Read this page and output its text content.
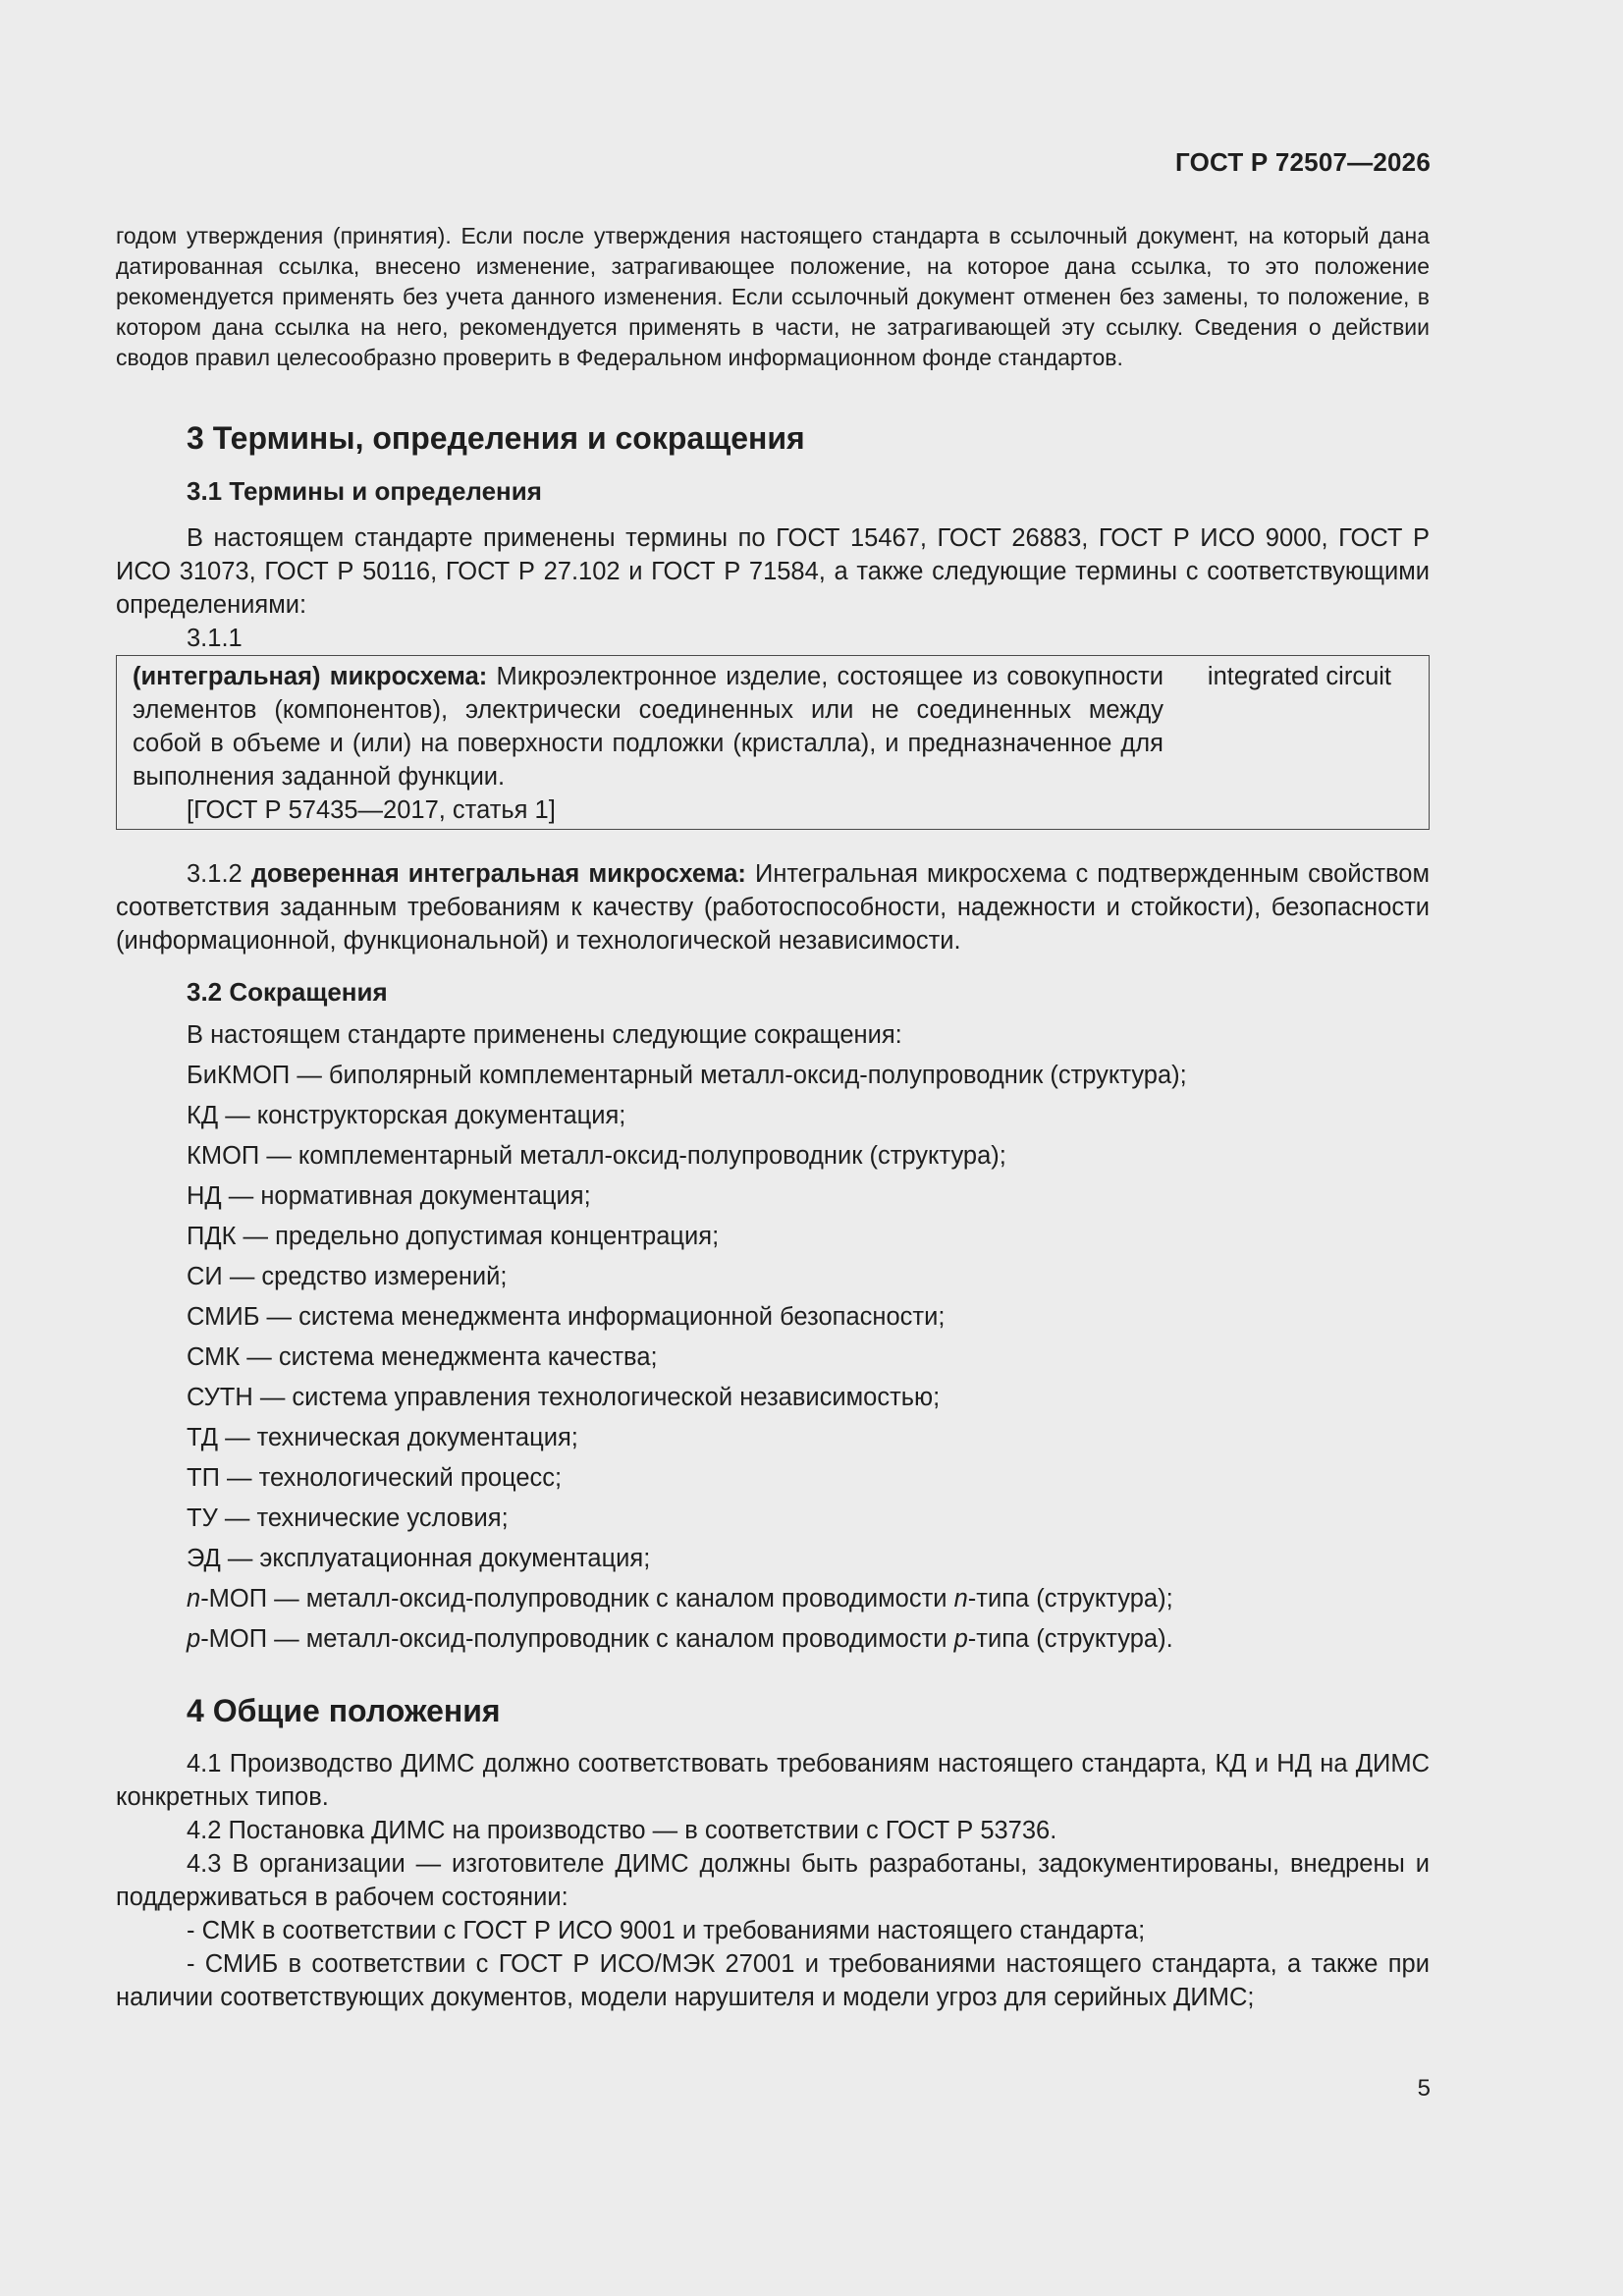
ГОСТ Р 72507—2026

годом утверждения (принятия). Если после утверждения настоящего стандарта в ссылочный документ, на который дана датированная ссылка, внесено изменение, затрагивающее положение, на которое дана ссылка, то это положение рекомендуется применять без учета данного изменения. Если ссылочный документ отменен без замены, то положение, в котором дана ссылка на него, рекомендуется применять в части, не затрагивающей эту ссылку. Сведения о действии сводов правил целесообразно проверить в Федеральном информационном фонде стандартов.

3 Термины, определения и сокращения
3.1 Термины и определения

В настоящем стандарте применены термины по ГОСТ 15467, ГОСТ 26883, ГОСТ Р ИСО 9000, ГОСТ Р ИСО 31073, ГОСТ Р 50116, ГОСТ Р 27.102 и ГОСТ Р 71584, а также следующие термины с соответствующими определениями:

3.1.1

(интегральная) микросхема: Микроэлектронное изделие, состоящее из совокупности элементов (компонентов), электрически соединенных или не соединенных между собой в объеме и (или) на поверхности подложки (кристалла), и предназначенное для выполнения заданной функции.
[ГОСТ Р 57435—2017, статья 1]
integrated circuit

3.1.2 доверенная интегральная микросхема: Интегральная микросхема с подтвержденным свойством соответствия заданным требованиям к качеству (работоспособности, надежности и стойкости), безопасности (информационной, функциональной) и технологической независимости.

3.2 Сокращения
В настоящем стандарте применены следующие сокращения:
БиКМОП — биполярный комплементарный металл-оксид-полупроводник (структура);
КД — конструкторская документация;
КМОП — комплементарный металл-оксид-полупроводник (структура);
НД — нормативная документация;
ПДК — предельно допустимая концентрация;
СИ — средство измерений;
СМИБ — система менеджмента информационной безопасности;
СМК — система менеджмента качества;
СУТН — система управления технологической независимостью;
ТД — техническая документация;
ТП — технологический процесс;
ТУ — технические условия;
ЭД — эксплуатационная документация;
n-МОП — металл-оксид-полупроводник с каналом проводимости n-типа (структура);
p-МОП — металл-оксид-полупроводник с каналом проводимости p-типа (структура).
4 Общие положения

4.1 Производство ДИМС должно соответствовать требованиям настоящего стандарта, КД и НД на ДИМС конкретных типов.

4.2 Постановка ДИМС на производство — в соответствии с ГОСТ Р 53736.

4.3 В организации — изготовителе ДИМС должны быть разработаны, задокументированы, внедрены и поддерживаться в рабочем состоянии:

- СМК в соответствии с ГОСТ Р ИСО 9001 и требованиями настоящего стандарта;

- СМИБ в соответствии с ГОСТ Р ИСО/МЭК 27001 и требованиями настоящего стандарта, а также при наличии соответствующих документов, модели нарушителя и модели угроз для серийных ДИМС;

5
